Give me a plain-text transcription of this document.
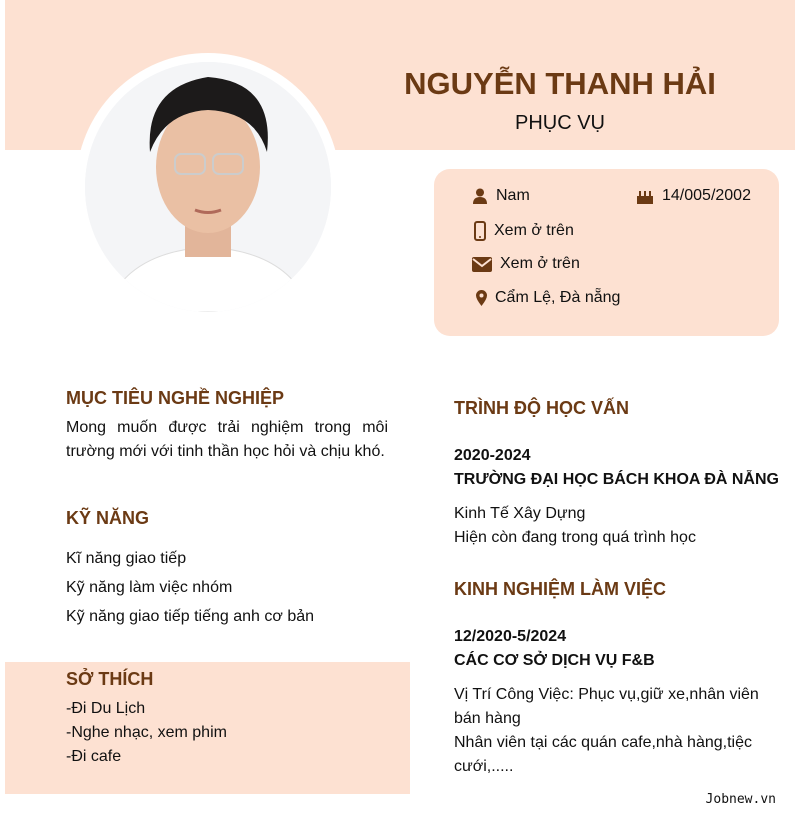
NGUYỄN THANH HẢI
PHỤC VỤ
Nam	14/005/2002
Xem ở trên
Xem ở trên
Cẩm Lệ, Đà nẵng
MỤC TIÊU NGHỀ NGHIỆP
Mong muốn được trải nghiệm trong môi trường mới với tinh thần học hỏi và chịu khó.
KỸ NĂNG
Kĩ năng giao tiếp
Kỹ năng làm việc nhóm
Kỹ năng giao tiếp tiếng anh cơ bản
SỞ THÍCH
-Đi Du Lịch
-Nghe nhạc, xem phim
-Đi cafe
TRÌNH ĐỘ HỌC VẤN
2020-2024
TRƯỜNG ĐẠI HỌC BÁCH KHOA ĐÀ NẴNG
Kinh Tế Xây Dựng
Hiện còn đang trong quá trình học
KINH NGHIỆM LÀM VIỆC
12/2020-5/2024
CÁC CƠ SỞ DỊCH VỤ F&B
Vị Trí Công Việc: Phục vụ,giữ xe,nhân viên bán hàng
Nhân viên tại các quán cafe,nhà hàng,tiệc cưới,.....
Jobnew.vn
